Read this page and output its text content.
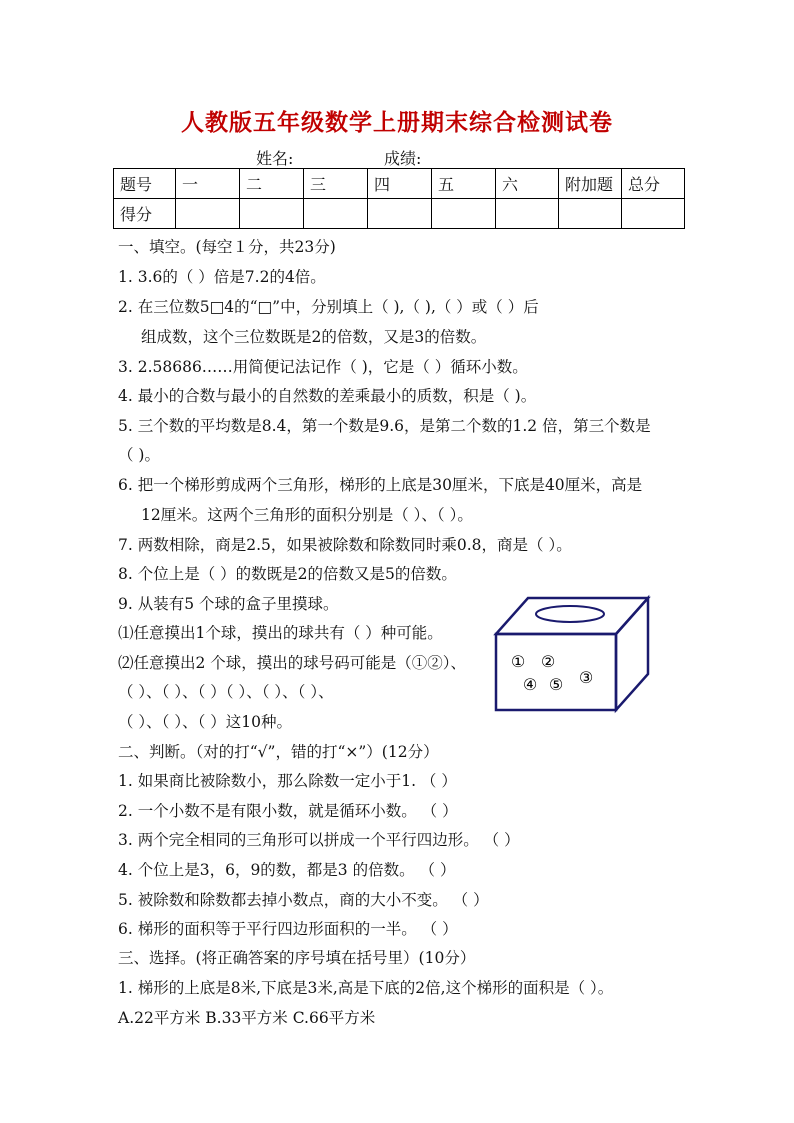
人教版五年级数学上册期末综合检测试卷
姓名:	成绩:
题号	一	二	三	四	五	六	附加题	总分
得分								
一、填空。(每空１分，共23分)
1. 3.6的（ ）倍是7.2的4倍。
2. 在三位数5□4的“□”中，分别填上（ ),（ ),（ ）或（ ）后
组成数，这个三位数既是2的倍数，又是3的倍数。
3. 2.58686……用简便记法记作（ )，它是（ ）循环小数。
4. 最小的合数与最小的自然数的差乘最小的质数，积是（ )。
5. 三个数的平均数是8.4，第一个数是9.6，是第二个数的1.2 倍，第三个数是
（ )。
6. 把一个梯形剪成两个三角形，梯形的上底是30厘米，下底是40厘米，高是
12厘米。这两个三角形的面积分别是（ ）、（ ）。
7. 两数相除，商是2.5，如果被除数和除数同时乘0.8，商是（ ）。
8. 个位上是（ ）的数既是2的倍数又是5的倍数。
9. 从装有5 个球的盒子里摸球。
⑴任意摸出1个球，摸出的球共有（ ）种可能。
⑵任意摸出2 个球，摸出的球号码可能是（①②）、
（ ）、（ ）、（ ）（ ）、（ ）、（ ）、
（ ）、（ ）、（ ）这10种。
① ②
③
④ ⑤
二、判断。（对的打“√”，错的打“×”）(12分）
1. 如果商比被除数小，那么除数一定小于1. （ ）
2. 一个小数不是有限小数，就是循环小数。 （ ）
3. 两个完全相同的三角形可以拼成一个平行四边形。 （ ）
4. 个位上是3，6，9的数，都是3 的倍数。 （ ）
5. 被除数和除数都去掉小数点，商的大小不变。 （ ）
6. 梯形的面积等于平行四边形面积的一半。 （ ）
三、选择。(将正确答案的序号填在括号里）(10分）
1. 梯形的上底是8米,下底是3米,高是下底的2倍,这个梯形的面积是（ ）。
A.22平方米 B.33平方米 C.66平方米
